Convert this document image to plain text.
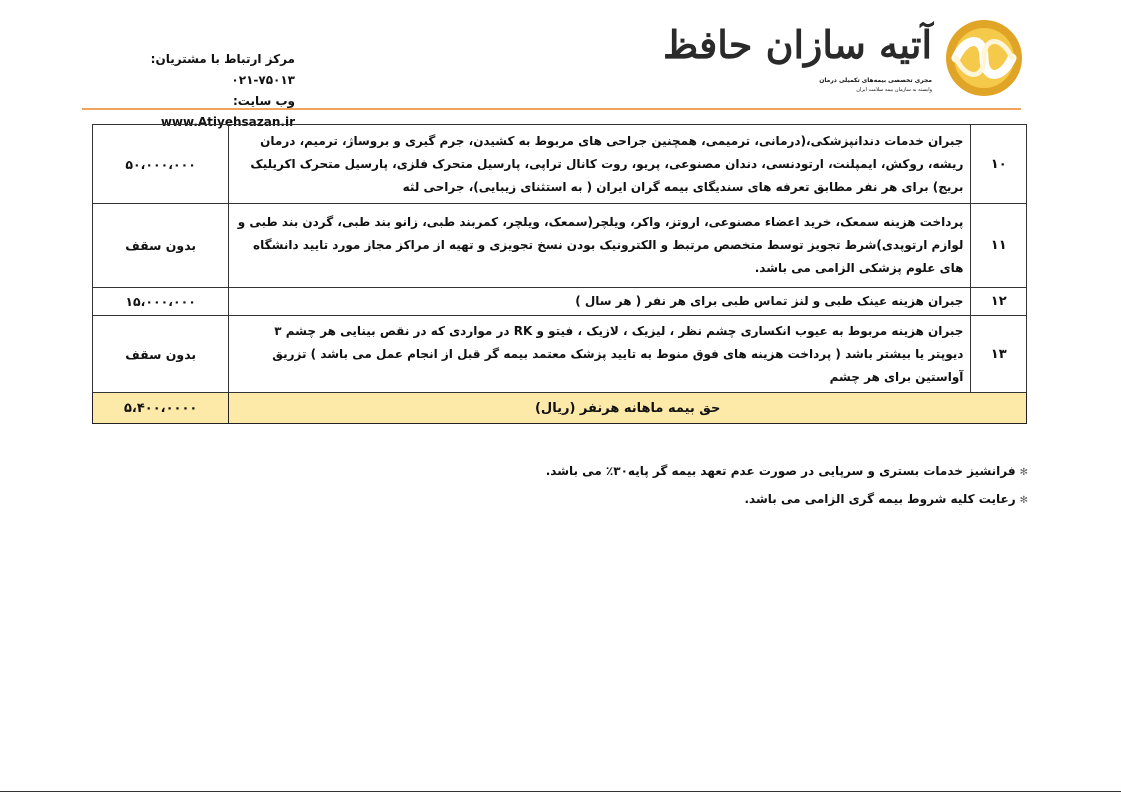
مرکز ارتباط با مشتریان: ۰۲۱-۷۵۰۱۳
وب سایت: www.Atiyehsazan.ir
آتیه سازان حافظ
مجری تخصصی بیمه‌های تکمیلی درمان
وابسته به سازمان بیمه سلامت ایران
۱۰	جبران خدمات دندانپزشکی،(درمانی، ترمیمی، همچنین جراحی های مربوط به کشیدن، جرم گیری و بروساژ، ترمیم، درمان ریشه، روکش، ایمپلنت، ارتودنسی، دندان مصنوعی، پریو، روت کانال تراپی، پارسیل متحرک فلزی، پارسیل متحرک اکریلیک بریج) برای هر نفر مطابق تعرفه های سندیگای بیمه گران ایران ( به استثنای زیبایی)، جراحی لثه	۵۰،۰۰۰،۰۰۰
۱۱	پرداخت هزینه سمعک، خرید اعضاء مصنوعی، اروتز، واکر، ویلچر(سمعک، ویلچر، کمربند طبی، زانو بند طبی، گردن بند طبی و لوازم ارتوپدی)شرط تجویز توسط متخصص مرتبط و الکترونیک بودن نسخ تجویزی و تهیه از مراکز مجاز مورد تایید دانشگاه های علوم پزشکی الزامی می باشد.	بدون سقف
۱۲	جبران هزینه عینک طبی و لنز تماس طبی برای هر نفر ( هر سال )	۱۵،۰۰۰،۰۰۰
۱۳	جبران هزینه مربوط به عیوب انکساری چشم نظر ، لیزیک ، لازیک ، فیتو و RK در مواردی که در نقص بینایی هر چشم ۳ دیوپتر یا بیشتر باشد ( پرداخت هزینه های فوق منوط به تایید پزشک معتمد بیمه گر قبل از انجام عمل می باشد ) تزریق آواستین برای هر چشم	بدون سقف
حق بیمه ماهانه هرنفر (ریال)		۵،۴۰۰،۰۰۰۰
✻فرانشیز خدمات بستری و سرپایی در صورت عدم تعهد بیمه گر پایه۳۰٪ می باشد.
✻رعایت کلیه شروط بیمه گری الزامی می باشد.
